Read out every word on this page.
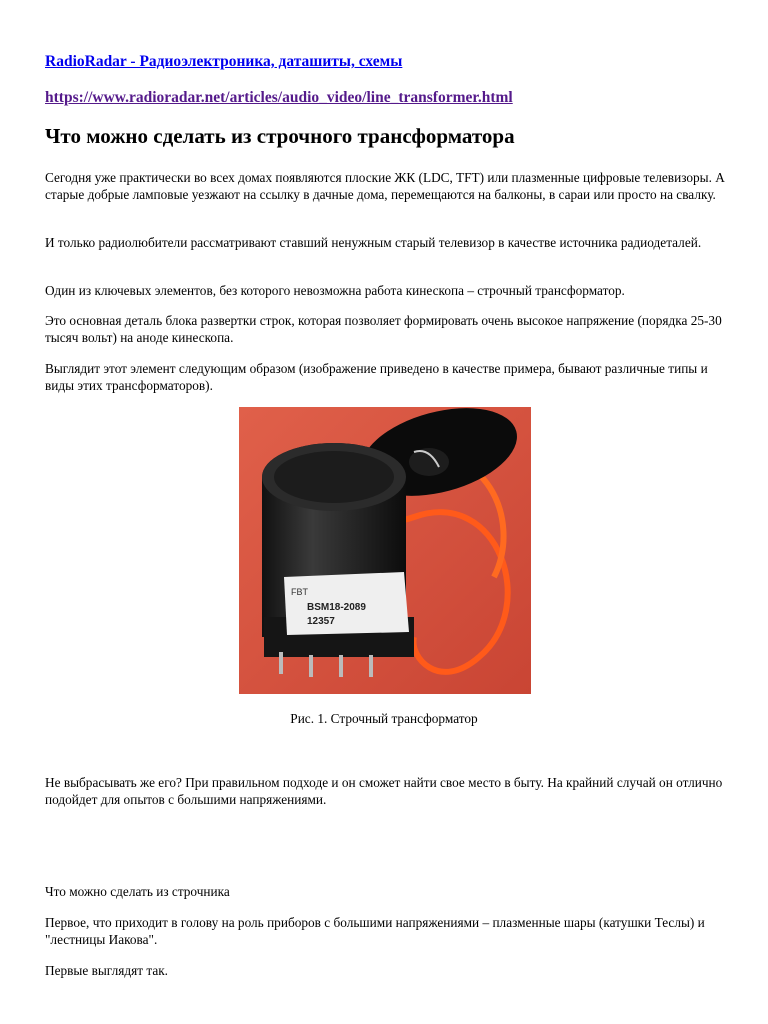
RadioRadar - Радиоэлектроника, даташиты, схемы
https://www.radioradar.net/articles/audio_video/line_transformer.html
Что можно сделать из строчного трансформатора

Сегодня уже практически во всех домах появляются плоские ЖК (LDC, TFT) или плазменные цифровые телевизоры. А старые добрые ламповые уезжают на ссылку в дачные дома, перемещаются на балконы, в сараи или просто на свалку.

И только радиолюбители рассматривают ставший ненужным старый телевизор в качестве источника радиодеталей.

Один из ключевых элементов, без которого невозможна работа кинескопа – строчный трансформатор.

Это основная деталь блока развертки строк, которая позволяет формировать очень высокое напряжение (порядка 25-30 тысяч вольт) на аноде кинескопа.

Выглядит этот элемент следующим образом (изображение приведено в качестве примера, бывают различные типы и виды этих трансформаторов).

FBT
BSM18-2089
12357
Рис. 1. Строчный трансформатор

Не выбрасывать же его? При правильном подходе и он сможет найти свое место в быту. На крайний случай он отлично подойдет для опытов с большими напряжениями.

Что можно сделать из строчника

Первое, что приходит в голову на роль приборов с большими напряжениями – плазменные шары (катушки Теслы) и "лестницы Иакова".

Первые выглядят так.
